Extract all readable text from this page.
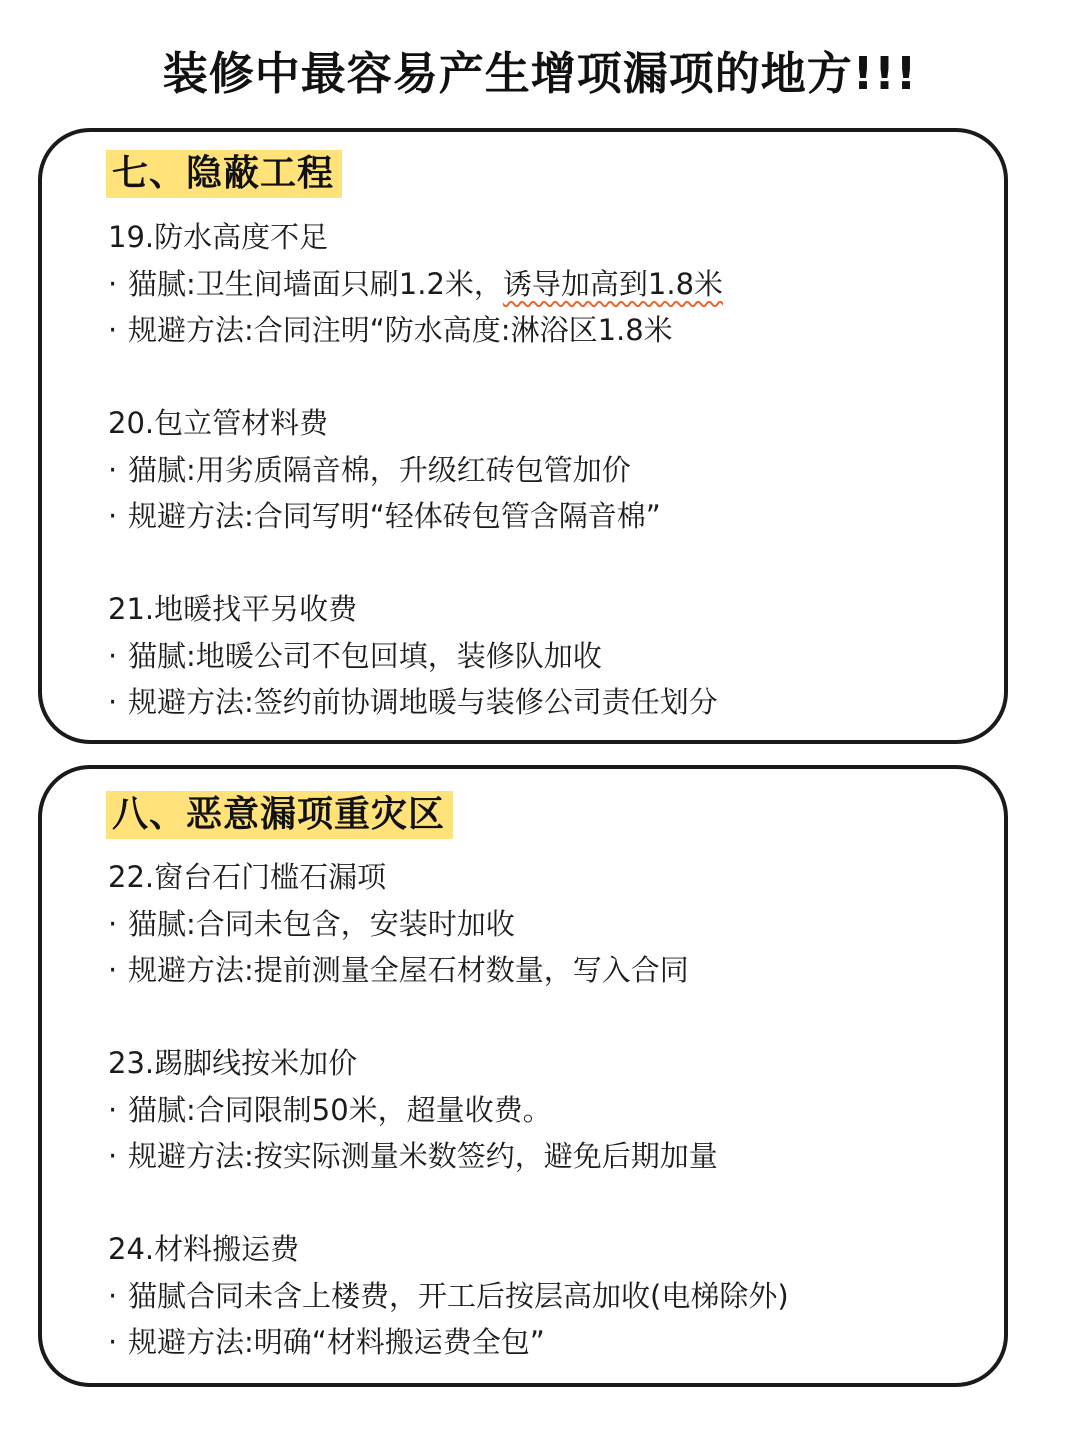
装修中最容易产生增项漏项的地方!!!
七、隐蔽工程
19.防水高度不足
· 猫腻:卫生间墙面只刷1.2米，诱导加高到1.8米
· 规避方法:合同注明“防水高度:淋浴区1.8米
20.包立管材料费
· 猫腻:用劣质隔音棉，升级红砖包管加价
· 规避方法:合同写明“轻体砖包管含隔音棉”
21.地暖找平另收费
· 猫腻:地暖公司不包回填，装修队加收
· 规避方法:签约前协调地暖与装修公司责任划分
八、恶意漏项重灾区
22.窗台石门槛石漏项
· 猫腻:合同未包含，安装时加收
· 规避方法:提前测量全屋石材数量，写入合同
23.踢脚线按米加价
· 猫腻:合同限制50米，超量收费。
· 规避方法:按实际测量米数签约，避免后期加量
24.材料搬运费
· 猫腻合同未含上楼费，开工后按层高加收(电梯除外)
· 规避方法:明确“材料搬运费全包”
